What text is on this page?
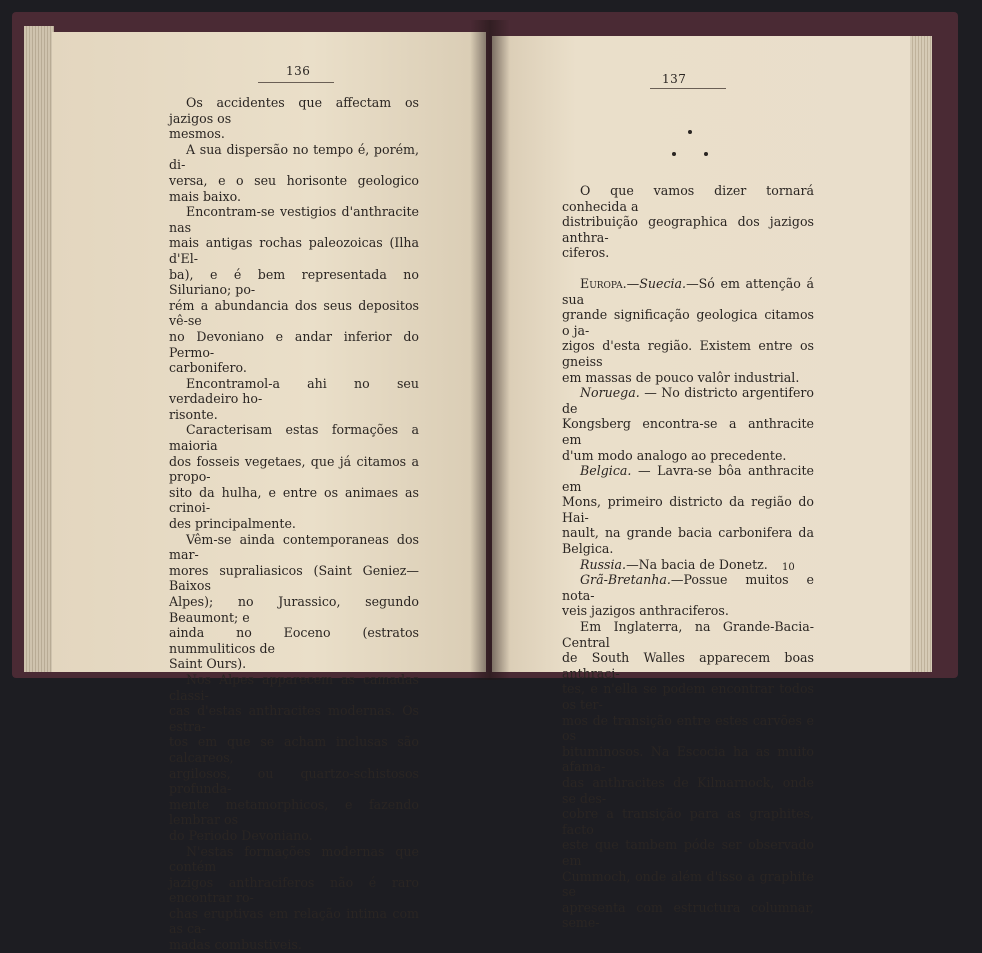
136

Os accidentes que affectam os jazigos os

mesmos.

A sua dispersão no tempo é, porém, di-

versa, e o seu horisonte geologico mais baixo.

Encontram-se vestigios d'anthracite nas

mais antigas rochas paleozoicas (Ilha d'El-

ba), e é bem representada no Siluriano; po-

rém a abundancia dos seus depositos vê-se

no Devoniano e andar inferior do Permo-

carbonifero.

Encontramol-a ahi no seu verdadeiro ho-

risonte.

Caracterisam estas formações a maioria

dos fosseis vegetaes, que já citamos a propo-

sito da hulha, e entre os animaes as crinoi-

des principalmente.

Vêm-se ainda contemporaneas dos mar-

mores supraliasicos (Saint Geniez—Baixos

Alpes); no Jurassico, segundo Beaumont; e

ainda no Eoceno (estratos nummuliticos de

Saint Ours).

Nos Alpes apparecem as camadas classi-

cas d'estas anthracites modernas. Os estra-

tos em que se acham inclusas são calcareos,

argilosos, ou quartzo-schistosos profunda-

mente metamorphicos, e fazendo lembrar os

do Periodo Devoniano.

N'estas formações modernas que contém

jazigos anthraciferos não é raro encontrar ro-

chas eruptivas em relação intima com as ca-

madas combustiveis.

137
O que vamos dizer tornará conhecida a
distribuição geographica dos jazigos anthra-
ciferos.
Europa.—Suecia.—Só em attenção á sua
grande significação geologica citamos o ja-
zigos d'esta região. Existem entre os gneiss
em massas de pouco valôr industrial.
Noruega. — No districto argentifero de
Kongsberg encontra-se a anthracite em
d'um modo analogo ao precedente.
Belgica. — Lavra-se bôa anthracite em
Mons, primeiro districto da região do Hai-
nault, na grande bacia carbonifera da Belgica.
Russia.—Na bacia de Donetz.
Grã-Bretanha.—Possue muitos e nota-
veis jazigos anthraciferos.
Em Inglaterra, na Grande-Bacia-Central
de South Walles apparecem boas anthraci-
tes, e n'ella se podem encontrar todos os ter-
mos de transição entre estes carvões e os
bituminosos. Na Escocia ha as muito afama-
das anthracites de Kilmarnock, onde se des-
cobre a transição para as graphites, facto
este que tambem póde ser observado em
Cummoch, onde além d'isso a graphite se
apresenta com estructura columnar, seme-
10
